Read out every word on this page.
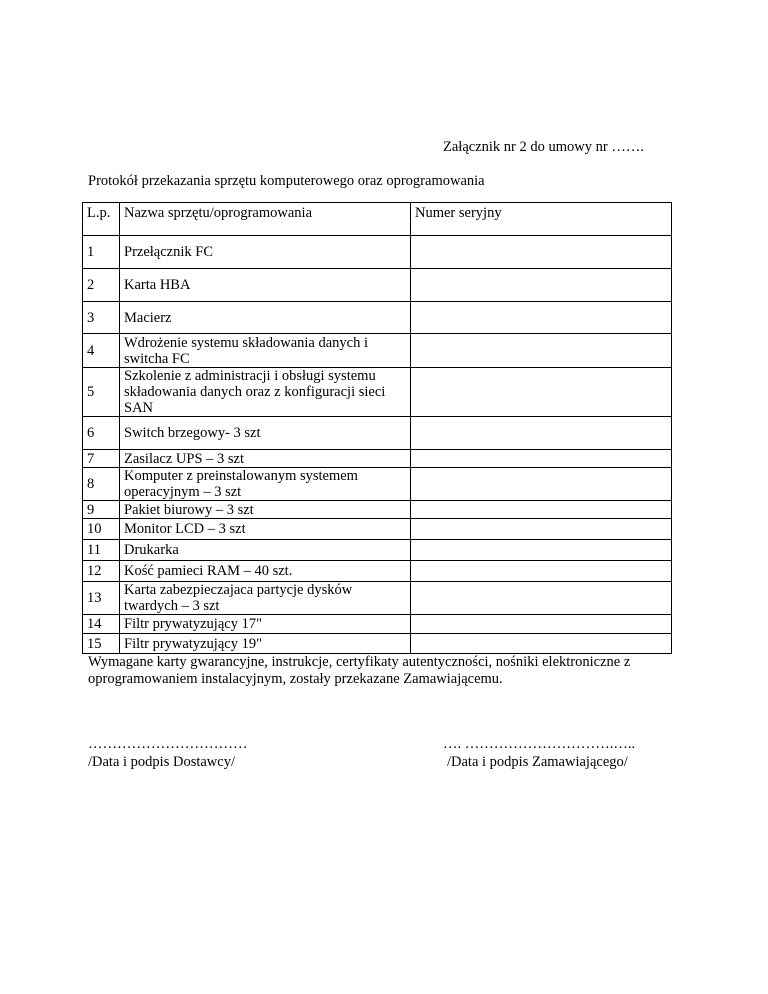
Załącznik nr 2 do umowy nr …….
Protokół przekazania sprzętu komputerowego oraz oprogramowania
L.p.	Nazwa sprzętu/oprogramowania	Numer seryjny
1	Przełącznik FC	
2	Karta HBA	
3	Macierz	
4	Wdrożenie systemu składowania danych i switcha FC	
5	Szkolenie z administracji i obsługi systemu składowania danych oraz z konfiguracji sieci SAN	
6	Switch brzegowy- 3 szt	
7	Zasilacz UPS – 3 szt	
8	Komputer z preinstalowanym systemem operacyjnym – 3 szt	
9	Pakiet biurowy – 3 szt	
10	Monitor LCD – 3 szt	
11	Drukarka	
12	Kość pamieci RAM – 40 szt.	
13	Karta zabezpieczajaca partycje dysków twardych – 3 szt	
14	Filtr prywatyzujący 17"	
15	Filtr prywatyzujący 19"	
Wymagane karty gwarancyjne, instrukcje, certyfikaty autentyczności, nośniki elektroniczne z oprogramowaniem instalacyjnym, zostały przekazane Zamawiającemu.
……………………………
/Data i podpis Dostawcy/
…. ………………………….…..
/Data i podpis Zamawiającego/
